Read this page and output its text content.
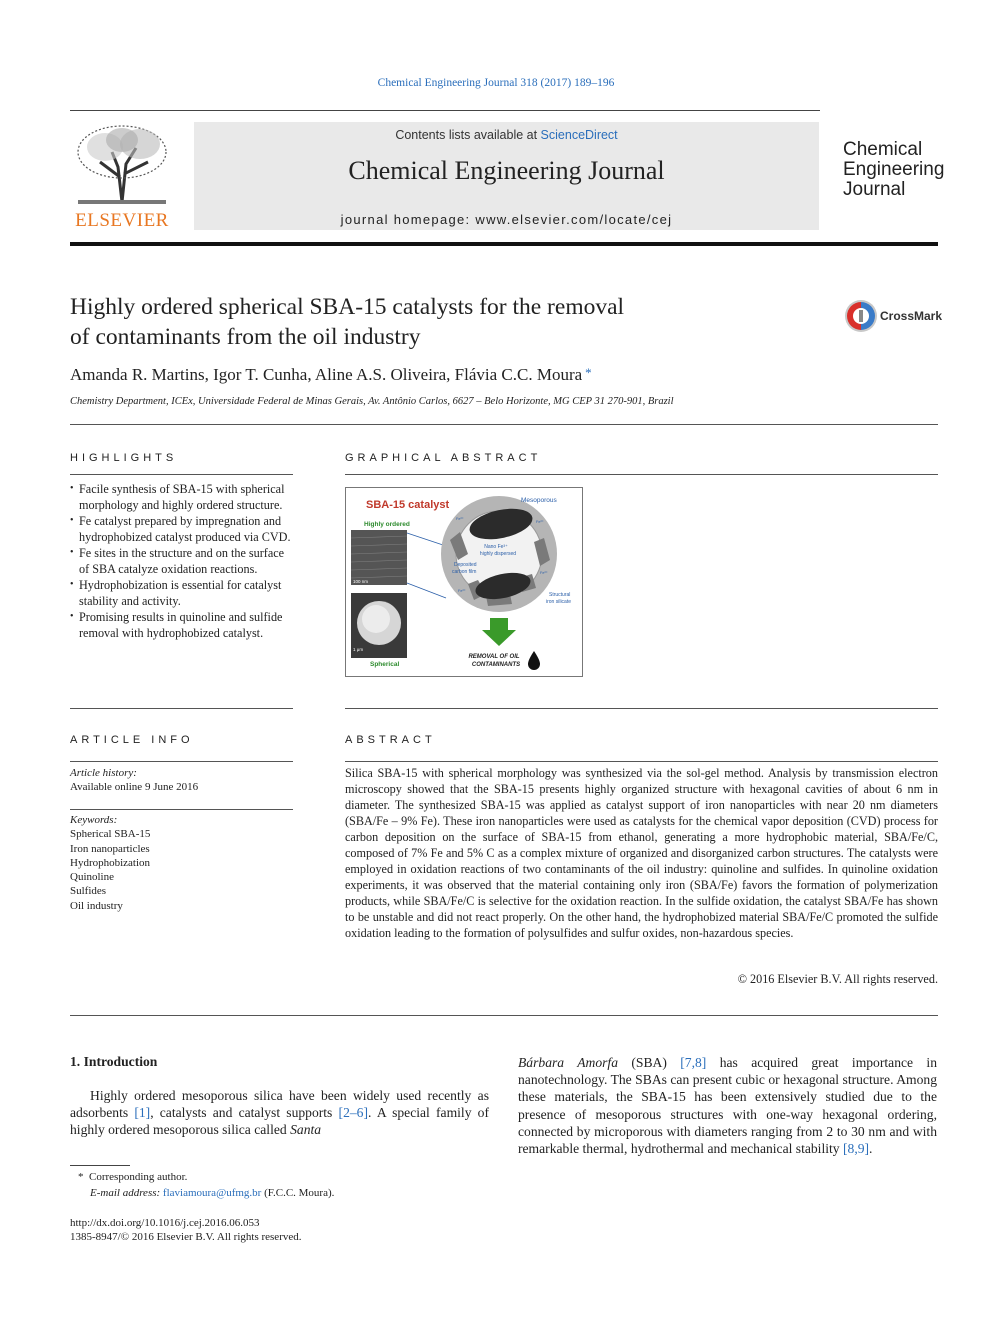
Chemical Engineering Journal 318 (2017) 189–196
ELSEVIER
Contents lists available at ScienceDirect
Chemical Engineering Journal
journal homepage: www.elsevier.com/locate/cej
Chemical
Engineering
Journal
Highly ordered spherical SBA-15 catalysts for the removal
of contaminants from the oil industry
CrossMark
Amanda R. Martins, Igor T. Cunha, Aline A.S. Oliveira, Flávia C.C. Moura *
Chemistry Department, ICEx, Universidade Federal de Minas Gerais, Av. Antônio Carlos, 6627 – Belo Horizonte, MG CEP 31 270-901, Brazil
HIGHLIGHTS
• Facile synthesis of SBA-15 with spherical morphology and highly ordered structure.
• Fe catalyst prepared by impregnation and hydrophobized catalyst produced via CVD.
• Fe sites in the structure and on the surface of SBA catalyze oxidation reactions.
• Hydrophobization is essential for catalyst stability and activity.
• Promising results in quinoline and sulfide removal with hydrophobized catalyst.
GRAPHICAL ABSTRACT
SBA-15 catalyst
Highly ordered
100 nm
1 μm
Spherical
Mesoporous
Nano Fe³⁺
highly dispersed
Deposited
carbon film
Structural
iron silicate
Fe³⁺
Fe³⁺
Fe³⁺
Fe³⁺
REMOVAL OF OIL
CONTAMINANTS
ARTICLE INFO
Article history:
Available online 9 June 2016
Keywords:
Spherical SBA-15
Iron nanoparticles
Hydrophobization
Quinoline
Sulfides
Oil industry
ABSTRACT
Silica SBA-15 with spherical morphology was synthesized via the sol-gel method. Analysis by transmission electron microscopy showed that the SBA-15 presents highly organized structure with hexagonal cavities of about 6 nm in diameter. The synthesized SBA-15 was applied as catalyst support of iron nanoparticles with near 20 nm diameters (SBA/Fe – 9% Fe). These iron nanoparticles were used as catalysts for the chemical vapor deposition (CVD) process for carbon deposition on the surface of SBA-15 from ethanol, generating a more hydrophobic material, SBA/Fe/C, composed of 7% Fe and 5% C as a complex mixture of organized and disorganized carbon structures. The catalysts were employed in oxidation reactions of two contaminants of the oil industry: quinoline and sulfides. In quinoline oxidation experiments, it was observed that the material containing only iron (SBA/Fe) favors the formation of polymerization products, while SBA/Fe/C is selective for the oxidation reaction. In the sulfide oxidation, the catalyst SBA/Fe has shown to be unstable and did not react properly. On the other hand, the hydrophobized material SBA/Fe/C promoted the sulfide oxidation leading to the formation of polysulfides and sulfur oxides, non-hazardous species.
© 2016 Elsevier B.V. All rights reserved.
1. Introduction
Highly ordered mesoporous silica have been widely used recently as adsorbents [1], catalysts and catalyst supports [2–6]. A special family of highly ordered mesoporous silica called Santa
Bárbara Amorfa (SBA) [7,8] has acquired great importance in nanotechnology. The SBAs can present cubic or hexagonal structure. Among these materials, the SBA-15 has been extensively studied due to the presence of mesoporous structures with one-way hexagonal ordering, connected by microporous with diameters ranging from 2 to 30 nm and with remarkable thermal, hydrothermal and mechanical stability [8,9].
*  Corresponding author.
E-mail address: flaviamoura@ufmg.br (F.C.C. Moura).
http://dx.doi.org/10.1016/j.cej.2016.06.053
1385-8947/© 2016 Elsevier B.V. All rights reserved.
